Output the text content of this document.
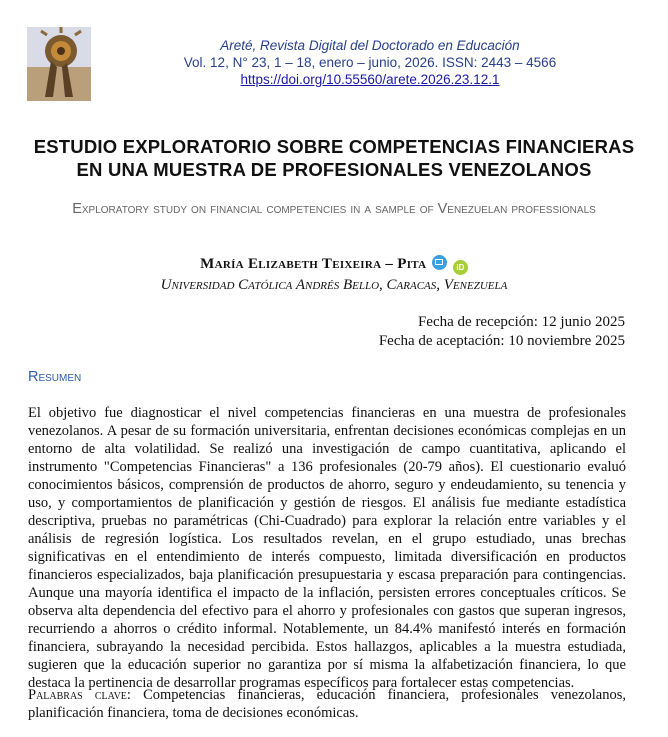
Areté, Revista Digital del Doctorado en Educación
Vol. 12, N° 23, 1 – 18, enero – junio, 2026. ISSN: 2443 – 4566
https://doi.org/10.55560/arete.2026.23.12.1
ESTUDIO EXPLORATORIO SOBRE COMPETENCIAS FINANCIERAS
EN UNA MUESTRA DE PROFESIONALES VENEZOLANOS
Exploratory study on financial competencies in a sample of Venezuelan professionals
María Elizabeth Teixeira – Pita	iD
Universidad Católica Andrés Bello, Caracas, Venezuela
Fecha de recepción: 12 junio 2025
Fecha de aceptación: 10 noviembre 2025
Resumen
El objetivo fue diagnosticar el nivel competencias financieras en una muestra de profesionales venezolanos. A pesar de su formación universitaria, enfrentan decisiones económicas complejas en un entorno de alta volatilidad. Se realizó una investigación de campo cuantitativa, aplicando el instrumento "Competencias Financieras" a 136 profesionales (20-79 años). El cuestionario evaluó conocimientos básicos, comprensión de productos de ahorro, seguro y endeudamiento, su tenencia y uso, y comportamientos de planificación y gestión de riesgos. El análisis fue mediante estadística descriptiva, pruebas no paramétricas (Chi-Cuadrado) para explorar la relación entre variables y el análisis de regresión logística. Los resultados revelan, en el grupo estudiado, unas brechas significativas en el entendimiento de interés compuesto, limitada diversificación en productos financieros especializados, baja planificación presupuestaria y escasa preparación para contingencias. Aunque una mayoría identifica el impacto de la inflación, persisten errores conceptuales críticos. Se observa alta dependencia del efectivo para el ahorro y profesionales con gastos que superan ingresos, recurriendo a ahorros o crédito informal. Notablemente, un 84.4% manifestó interés en formación financiera, subrayando la necesidad percibida. Estos hallazgos, aplicables a la muestra estudiada, sugieren que la educación superior no garantiza por sí misma la alfabetización financiera, lo que destaca la pertinencia de desarrollar programas específicos para fortalecer estas competencias.
Palabras clave: Competencias financieras, educación financiera, profesionales venezolanos, planificación financiera, toma de decisiones económicas.
